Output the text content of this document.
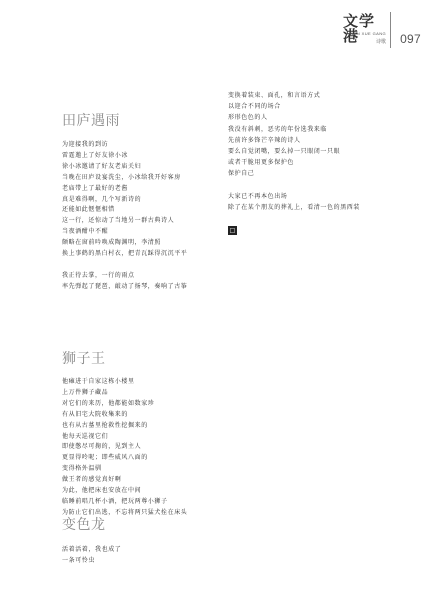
文学港
WEN XUE GANG
诗歌 097
变换着装束、面孔，和言语方式
以迎合不同的场合
形形色色的人
我没有斜刺，恶劣的年份选我来临
先前许多锋芒辛辣的诗人
要么自觉闭嘴，要么掉一只眼闭一只眼
或者干脆用更多保护色
保护自己
大家已不再本色出场
除了在某个朋友的葬礼上，看清一色的黑西装
□
田庐遇雨
为迎接我的到访
雷霆邀上了好友徐小冰
徐小冰邀请了好友老庙关妇
当晚在田庐设宴洗尘，小冰给我开好客房
老庙带上了最好的老酱
真是难得啊，几个写新诗的
还能如此惬惬相惜
这一行，还惊动了当地另一群古典诗人
当夜酒酣中不醒
颇略在窗前吟唤成陶渊明，李清照
换上事鹤的黑白村衣，把青瓦踩得沉沉平平
我正待去掌，一行的雨点
率先弹起了琵琶，敲动了扬琴，奏响了古筝
狮子王
他瘫进于自家这栋小楼里
上万件狮子藏品
对它们的来历，他都能如数家珍
有从旧宅大院收集来的
也有从古墓里抢救性挖掘来的
他每天巡视它们
即使憋尽可掬的，见到主人
更显得呤呢；即些威风八面的
变得格外温驯
做王者的感觉真好啊
为此，他把床也安放在中间
临睡前唱几杯小酒，把玩两尊小狮子
为防止它们出逃，不忘将两只猛犬拴在床头
变色龙
活着活着，我也成了
一条可怜虫
